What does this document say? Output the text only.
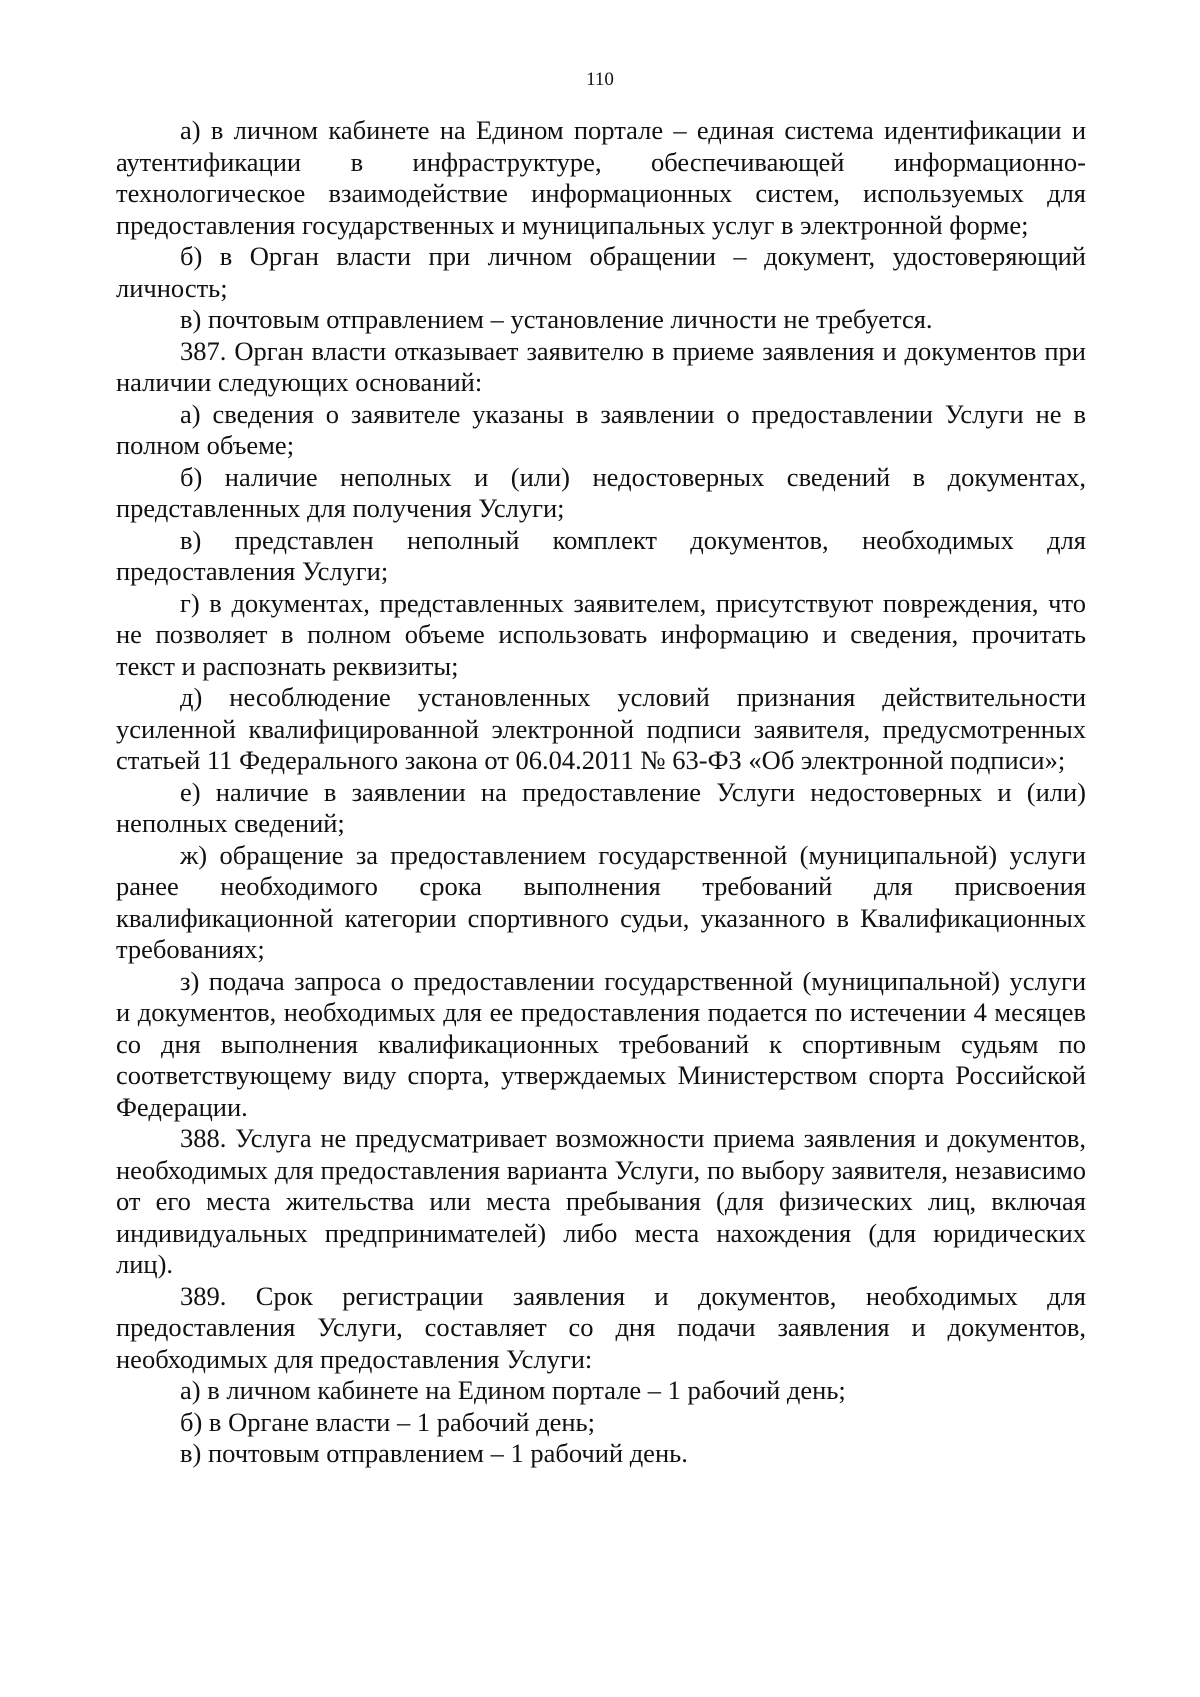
110

а) в личном кабинете на Едином портале – единая система идентификации и аутентификации в инфраструктуре, обеспечивающей информационно-технологическое взаимодействие информационных систем, используемых для предоставления государственных и муниципальных услуг в электронной форме;

б) в Орган власти при личном обращении – документ, удостоверяющий личность;

в) почтовым отправлением – установление личности не требуется.

387. Орган власти отказывает заявителю в приеме заявления и документов при наличии следующих оснований:

а) сведения о заявителе указаны в заявлении о предоставлении Услуги не в полном объеме;

б) наличие неполных и (или) недостоверных сведений в документах, представленных для получения Услуги;

в) представлен неполный комплект документов, необходимых для предоставления Услуги;

г) в документах, представленных заявителем, присутствуют повреждения, что не позволяет в полном объеме использовать информацию и сведения, прочитать текст и распознать реквизиты;

д) несоблюдение установленных условий признания действительности усиленной квалифицированной электронной подписи заявителя, предусмотренных статьей 11 Федерального закона от 06.04.2011 № 63-ФЗ «Об электронной подписи»;

е) наличие в заявлении на предоставление Услуги недостоверных и (или) неполных сведений;

ж) обращение за предоставлением государственной (муниципальной) услуги ранее необходимого срока выполнения требований для присвоения квалификационной категории спортивного судьи, указанного в Квалификационных требованиях;

з) подача запроса о предоставлении государственной (муниципальной) услуги и документов, необходимых для ее предоставления подается по истечении 4 месяцев со дня выполнения квалификационных требований к спортивным судьям по соответствующему виду спорта, утверждаемых Министерством спорта Российской Федерации.

388. Услуга не предусматривает возможности приема заявления и документов, необходимых для предоставления варианта Услуги, по выбору заявителя, независимо от его места жительства или места пребывания (для физических лиц, включая индивидуальных предпринимателей) либо места нахождения (для юридических лиц).

389. Срок регистрации заявления и документов, необходимых для предоставления Услуги, составляет со дня подачи заявления и документов, необходимых для предоставления Услуги:

а) в личном кабинете на Едином портале – 1 рабочий день;

б) в Органе власти – 1 рабочий день;

в) почтовым отправлением – 1 рабочий день.
